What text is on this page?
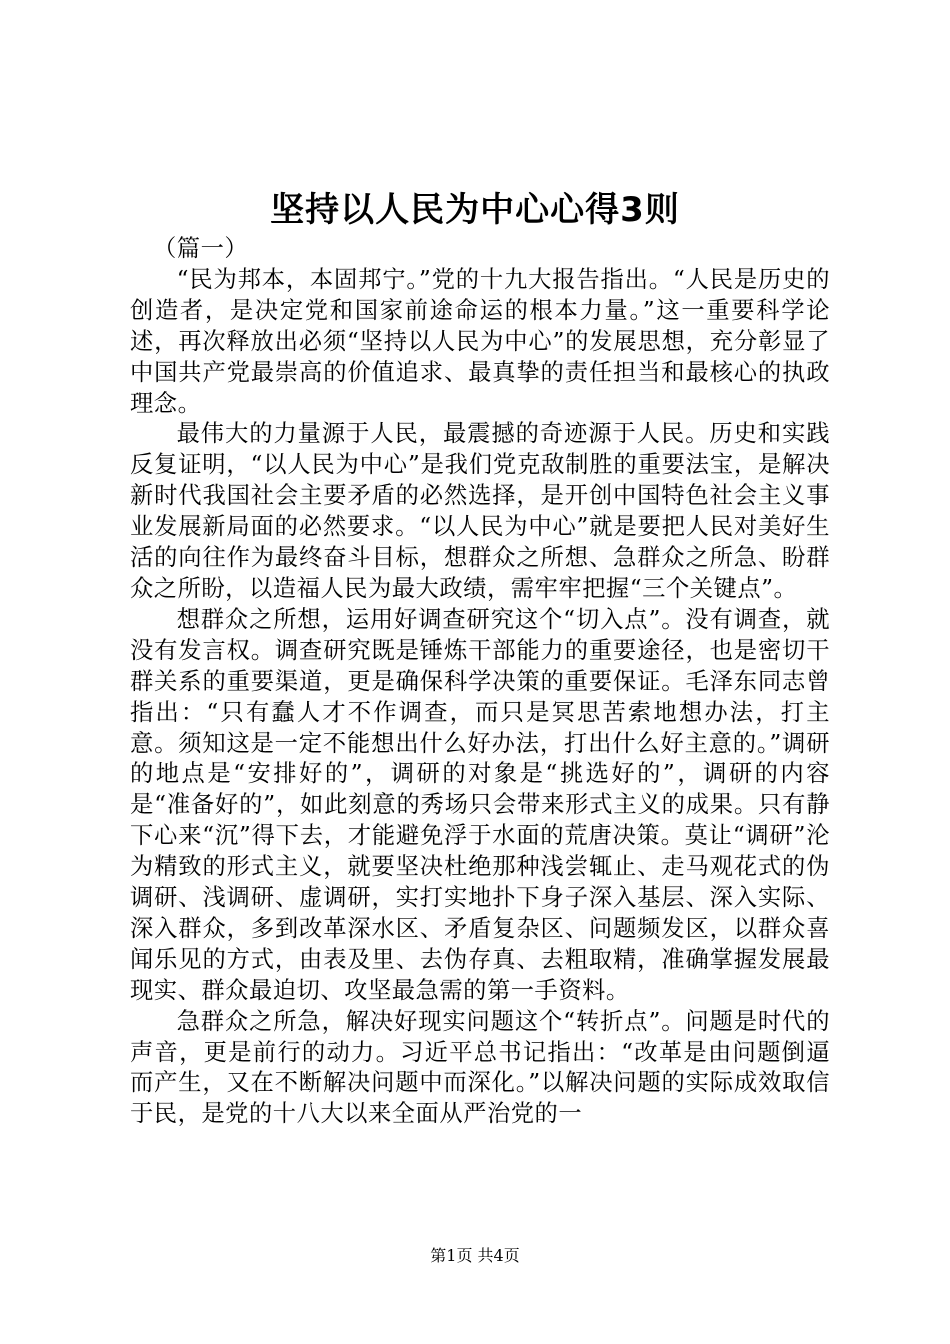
坚持以人民为中心心得3则

（篇一）

“民为邦本，本固邦宁。”党的十九大报告指出。“人民是历史的创造者，是决定党和国家前途命运的根本力量。”这一重要科学论述，再次释放出必须“坚持以人民为中心”的发展思想，充分彰显了中国共产党最崇高的价值追求、最真挚的责任担当和最核心的执政理念。

最伟大的力量源于人民，最震撼的奇迹源于人民。历史和实践反复证明，“以人民为中心”是我们党克敌制胜的重要法宝，是解决新时代我国社会主要矛盾的必然选择，是开创中国特色社会主义事业发展新局面的必然要求。“以人民为中心”就是要把人民对美好生活的向往作为最终奋斗目标，想群众之所想、急群众之所急、盼群众之所盼，以造福人民为最大政绩，需牢牢把握“三个关键点”。

想群众之所想，运用好调查研究这个“切入点”。没有调查，就没有发言权。调查研究既是锤炼干部能力的重要途径，也是密切干群关系的重要渠道，更是确保科学决策的重要保证。毛泽东同志曾指出：“只有蠢人才不作调查，而只是冥思苦索地想办法，打主意。须知这是一定不能想出什么好办法，打出什么好主意的。”调研的地点是“安排好的”，调研的对象是“挑选好的”，调研的内容是“准备好的”，如此刻意的秀场只会带来形式主义的成果。只有静下心来“沉”得下去，才能避免浮于水面的荒唐决策。莫让“调研”沦为精致的形式主义，就要坚决杜绝那种浅尝辄止、走马观花式的伪调研、浅调研、虚调研，实打实地扑下身子深入基层、深入实际、深入群众，多到改革深水区、矛盾复杂区、问题频发区，以群众喜闻乐见的方式，由表及里、去伪存真、去粗取精，准确掌握发展最现实、群众最迫切、攻坚最急需的第一手资料。

急群众之所急，解决好现实问题这个“转折点”。问题是时代的声音，更是前行的动力。习近平总书记指出：“改革是由问题倒逼而产生，又在不断解决问题中而深化。”以解决问题的实际成效取信于民，是党的十八大以来全面从严治党的一

第1页 共4页
